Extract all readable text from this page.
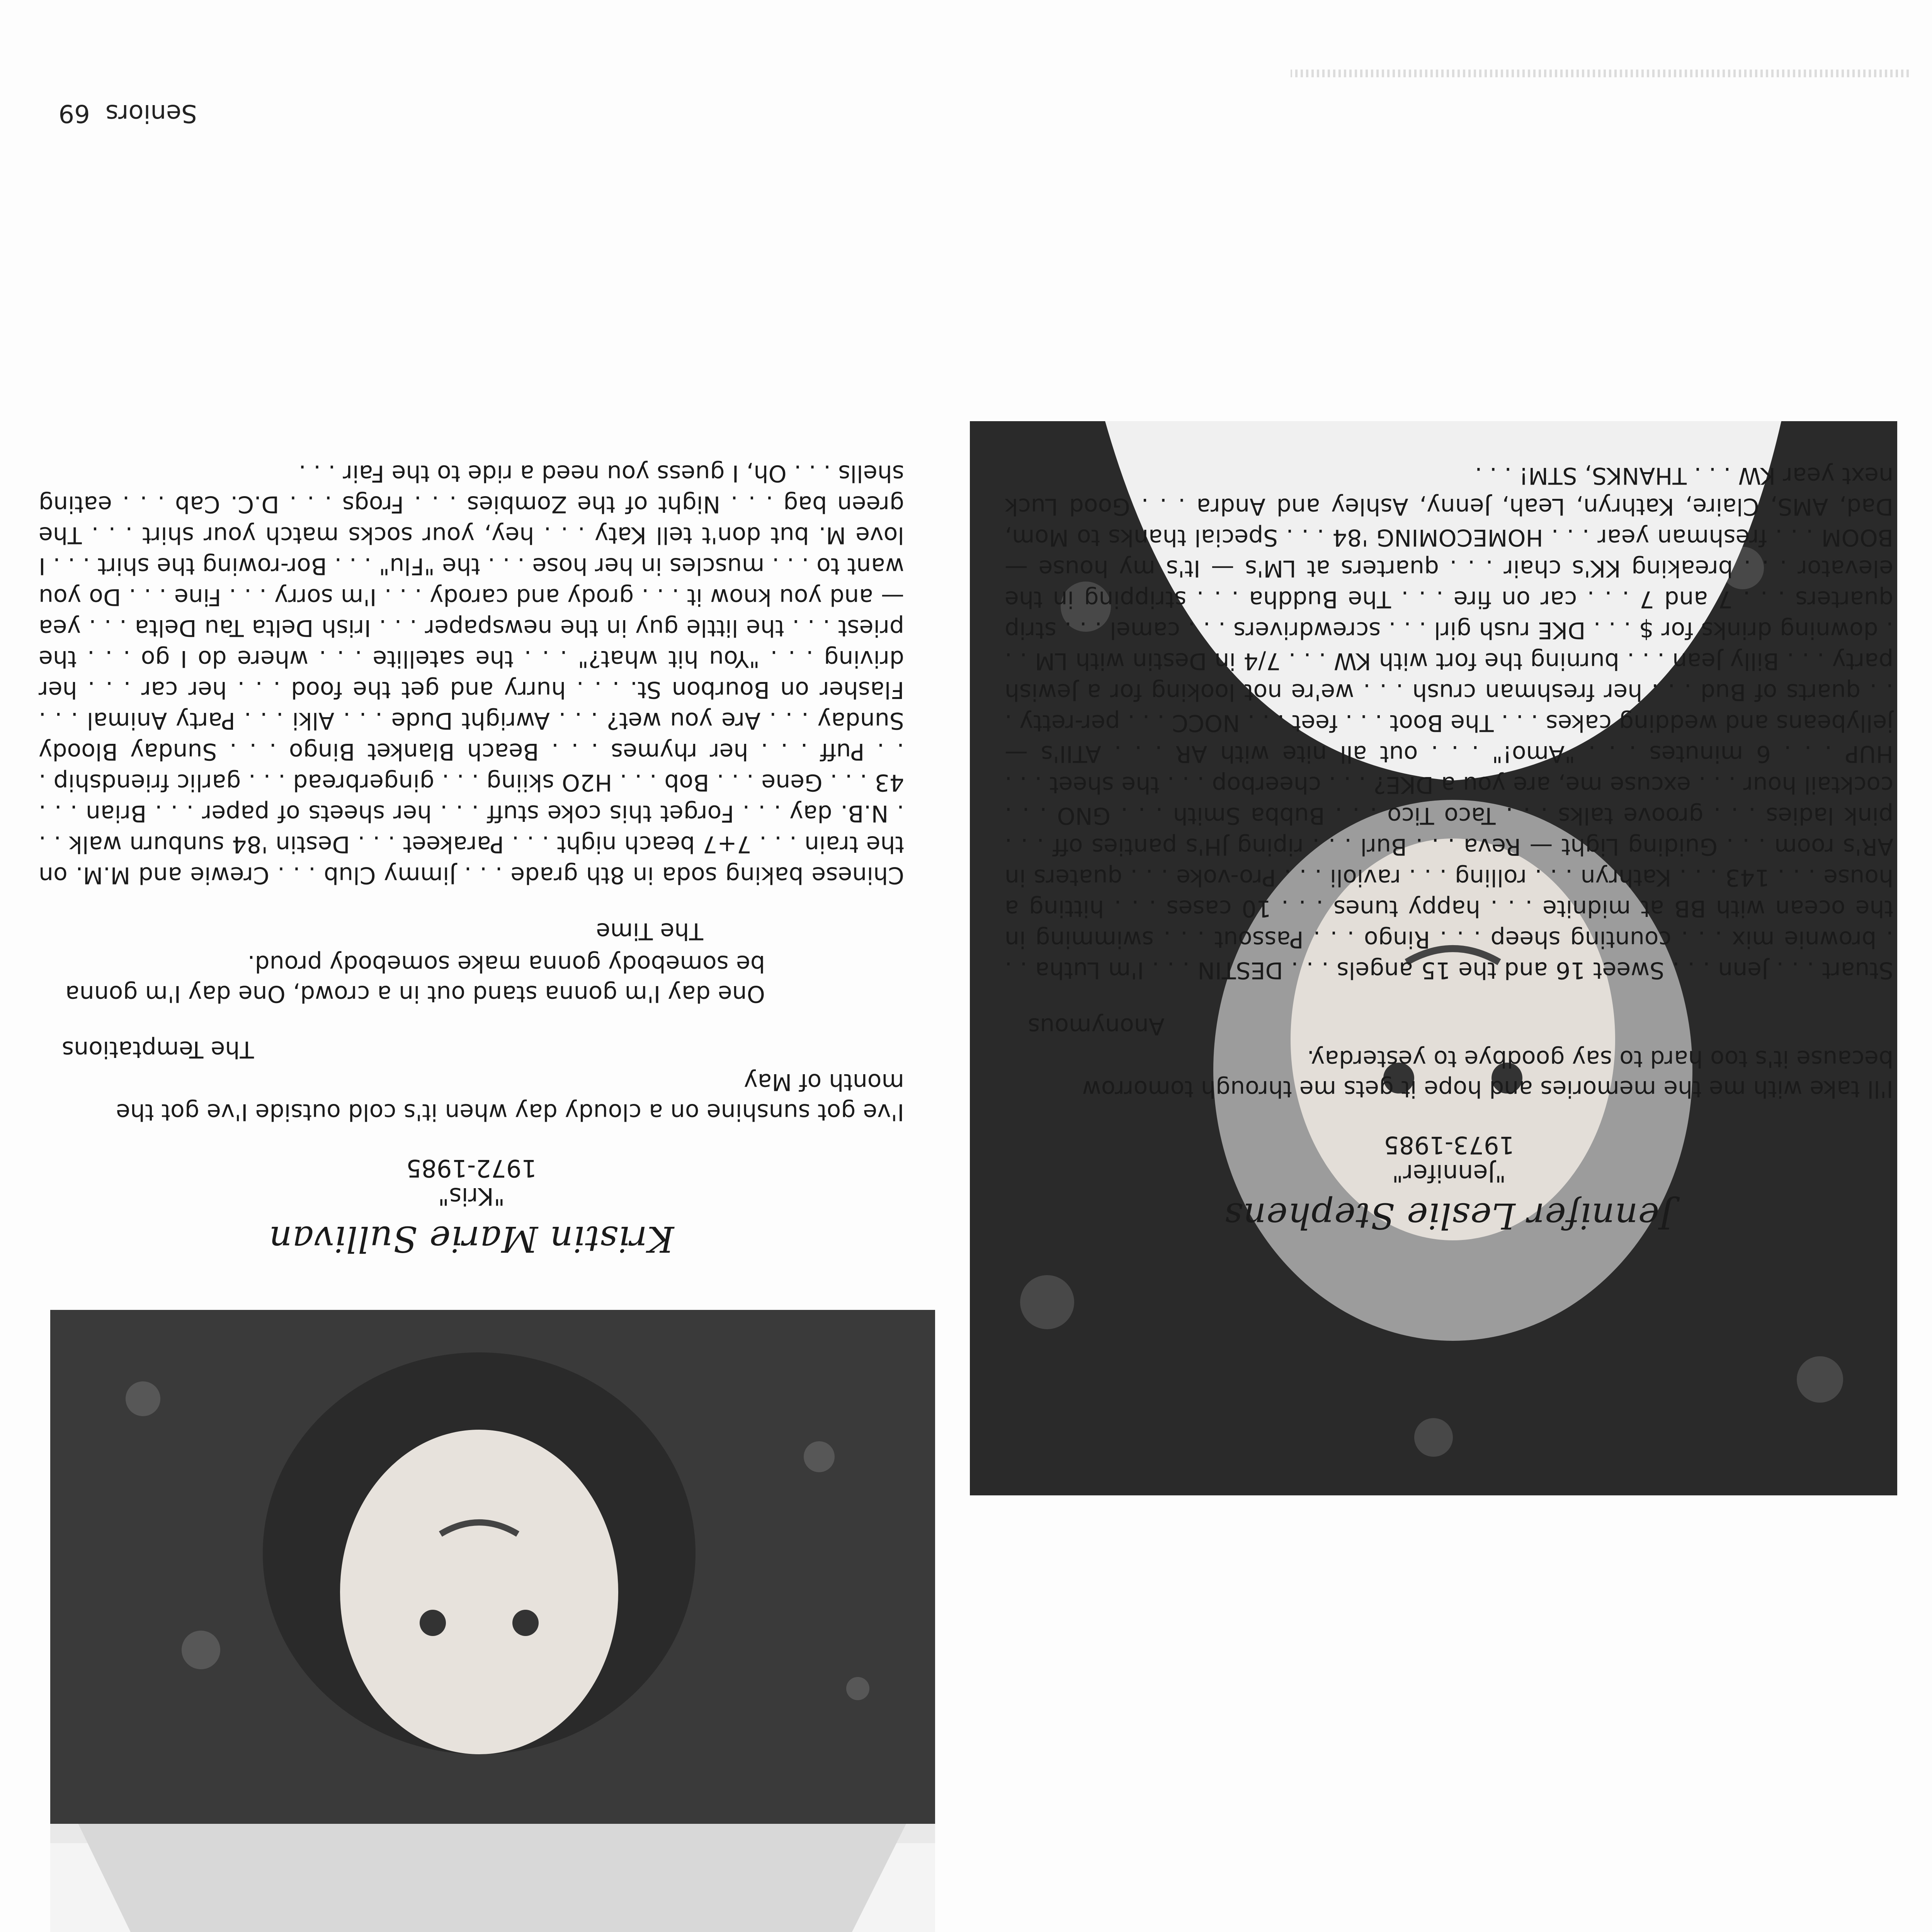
Kristin Marie Sullivan

"Kris"

1972-1985

I've got sunshine on a cloudy day when it's cold outside I've got the month of May

The Temptations

One day I'm gonna stand out in a crowd, One day I'm gonna be somebody gonna make somebody proud.

The Time

Chinese baking soda in 8th grade . . . Jimmy Club . . . Crewie and M.M. on the train . . . 7+7 beach night . . . Parakeet . . . Destin '84 sunburn walk . . . N.B. day . . . Forget this coke stuff . . . her sheets of paper . . . Brian . . . 43 . . . Gene . . . Bob . . . H2O skiing . . . gingerbread . . . garlic friendship . . . Puff . . . her rhymes . . . Beach Blanket Bingo . . . Sunday Bloody Sunday . . . Are you wet? . . . Awright Dude . . . Alki . . . Party Animal . . . Flasher on Bourbon St. . . . hurry and get the food . . . her car . . . her driving . . . "You hit what?" . . . the satellite . . . where do I go . . . the priest . . . the little guy in the newspaper . . . Irish Delta Tau Delta . . . yea — and you know it . . . grody and carody . . . I'm sorry . . . Fine . . . Do you want to . . . muscles in her hose . . . the "Flu" . . . Bor-rowing the shirt . . . I love M. but don't tell Katy . . . hey, your socks match your shirt . . . The green bag . . . Night of the Zombies . . . Frogs . . . D.C. Cab . . . eating shells . . . Oh, I guess you need a ride to the Fair . . .

Jennifer Leslie Stephens

"Jennifer"

1973-1985

I'll take with me the memories and hope it gets me through tomorrow because it's too hard to say goodbye to yesterday.

Anonymous

Stuart . . . Jenn . . . Sweet 16 and the 15 angels . . . DESTIN . . . I'm Lutha . . . brownie mix . . . counting sheep . . . Ringo . . . Passout . . . swimming in the ocean with BB at midnite . . . happy tunes . . . 10 cases . . . hitting a house . . . 143 . . . Kathryn . . . rolling . . . ravioli . . . Pro-voke . . . quaters in AR's room . . . Guiding Light — Reva . . . Burl . . . riping JH's panties off . . . pink ladies . . . groove talks . . . Taco Tico . . . Bubba Smith . . . GNO . . . cocktail hour . . . excuse me, are you a DKE? . . . cheerbop . . . the sheet . . . HUP . . . 6 minutes . . . "Amo!" . . . out all nite with AR . . . ATII's — jellybeans and wedding cakes . . . The Boot . . . feet . . . NOCC . . . per-retty . . . quarts of Bud . . . her freshman crush . . . we're not looking for a Jewish party . . . Billy Jean . . . burning the fort with KW . . . 7/4 in Destin with LM . . . downing drinks for $ . . . DKE rush girl . . . screwdrivers . . . camel . . . strip quarters . . . 7 and 7 . . . car on fire . . . The Buddha . . . stripping in the elevator . . . breaking KK's chair . . . quarters at LM's — It's my house — BOOM . . . freshman year . . . HOMECOMING '84 . . . Special thanks to Mom, Dad, AMS, Claire, Kathryn, Leah, Jenny, Ashley and Andra . . . Good Luck next year KW . . . THANKS, STM! . . .

Seniors69
